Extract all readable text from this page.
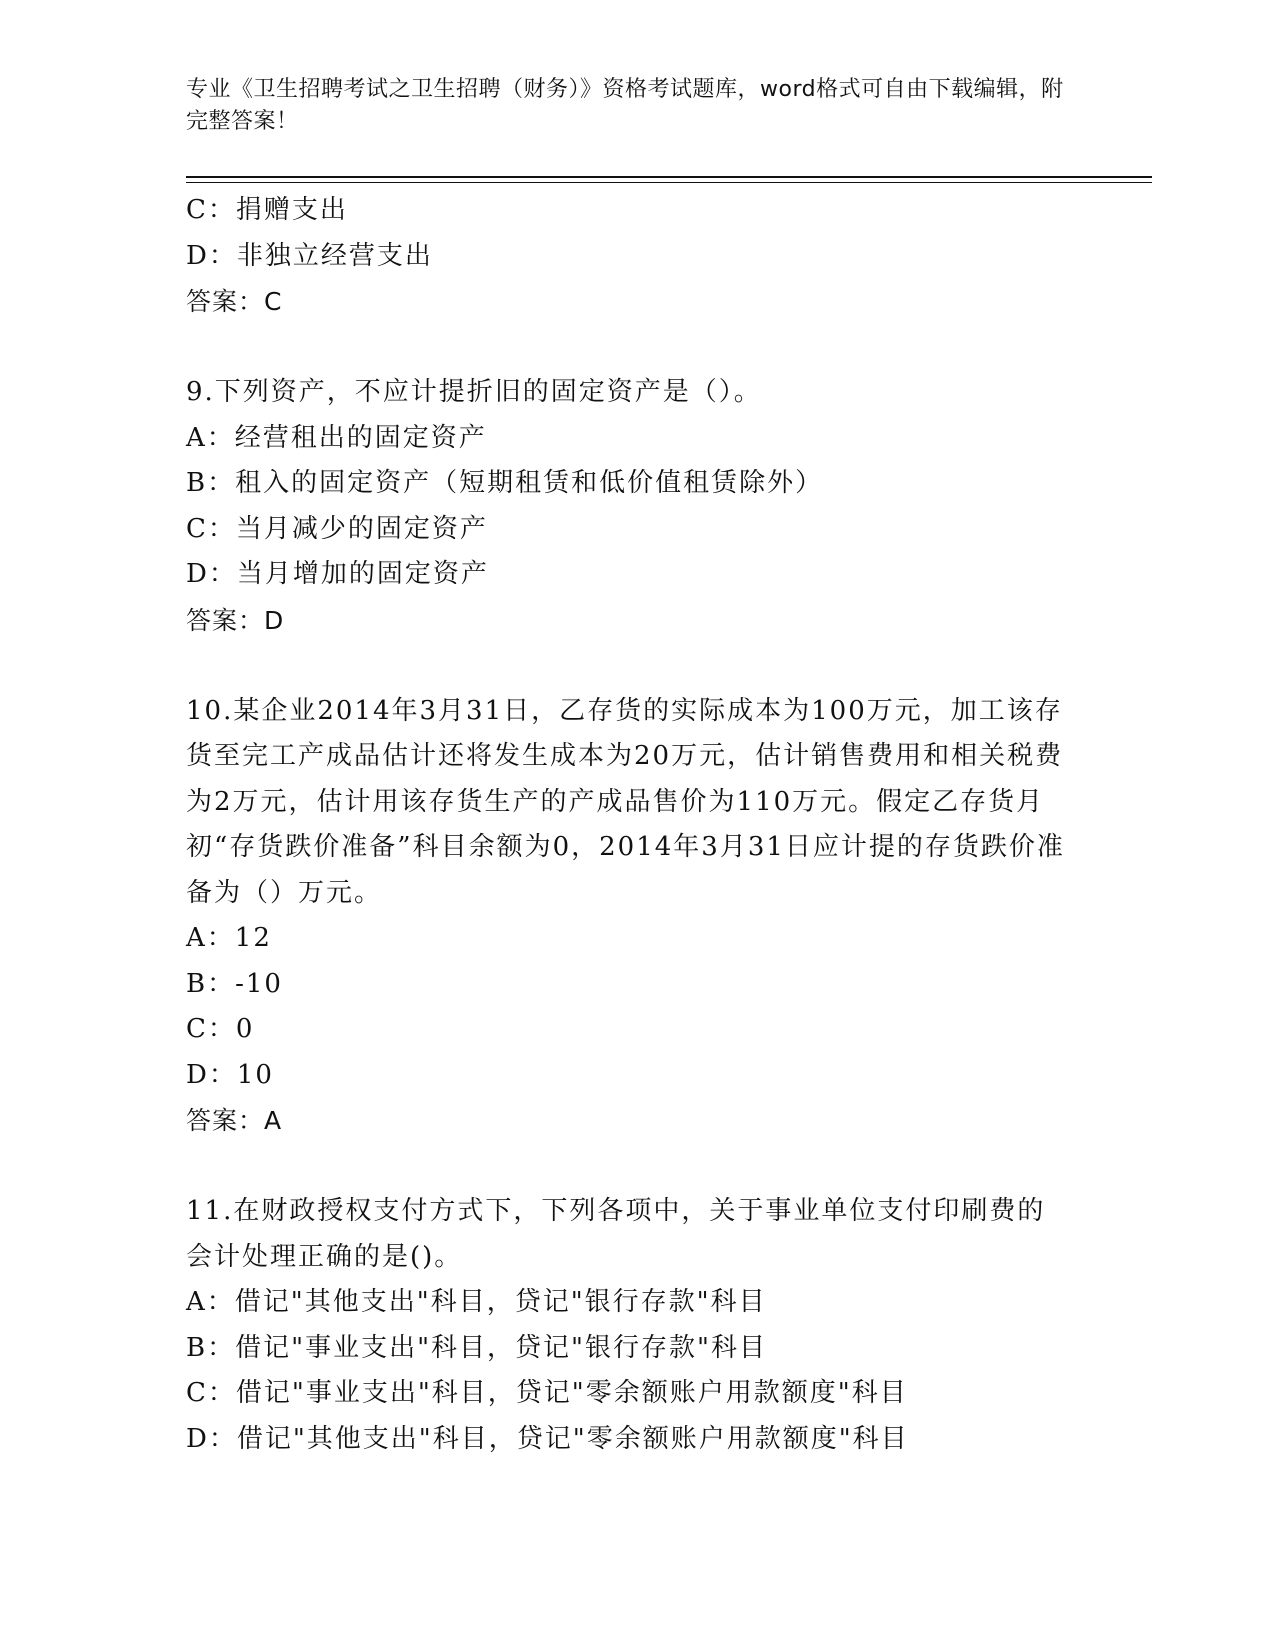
专业《卫生招聘考试之卫生招聘（财务）》资格考试题库，word格式可自由下载编辑，附完整答案！
C：捐赠支出
D：非独立经营支出
答案：C
9.下列资产，不应计提折旧的固定资产是（）。
A：经营租出的固定资产
B：租入的固定资产（短期租赁和低价值租赁除外）
C：当月减少的固定资产
D：当月增加的固定资产
答案：D
10.某企业2014年3月31日，乙存货的实际成本为100万元，加工该存货至完工产成品估计还将发生成本为20万元，估计销售费用和相关税费为2万元，估计用该存货生产的产成品售价为110万元。假定乙存货月初“存货跌价准备”科目余额为0，2014年3月31日应计提的存货跌价准备为（）万元。
A：12
B：-10
C：0
D：10
答案：A
11.在财政授权支付方式下，下列各项中，关于事业单位支付印刷费的会计处理正确的是()。
A：借记"其他支出"科目，贷记"银行存款"科目
B：借记"事业支出"科目，贷记"银行存款"科目
C：借记"事业支出"科目，贷记"零余额账户用款额度"科目
D：借记"其他支出"科目，贷记"零余额账户用款额度"科目
